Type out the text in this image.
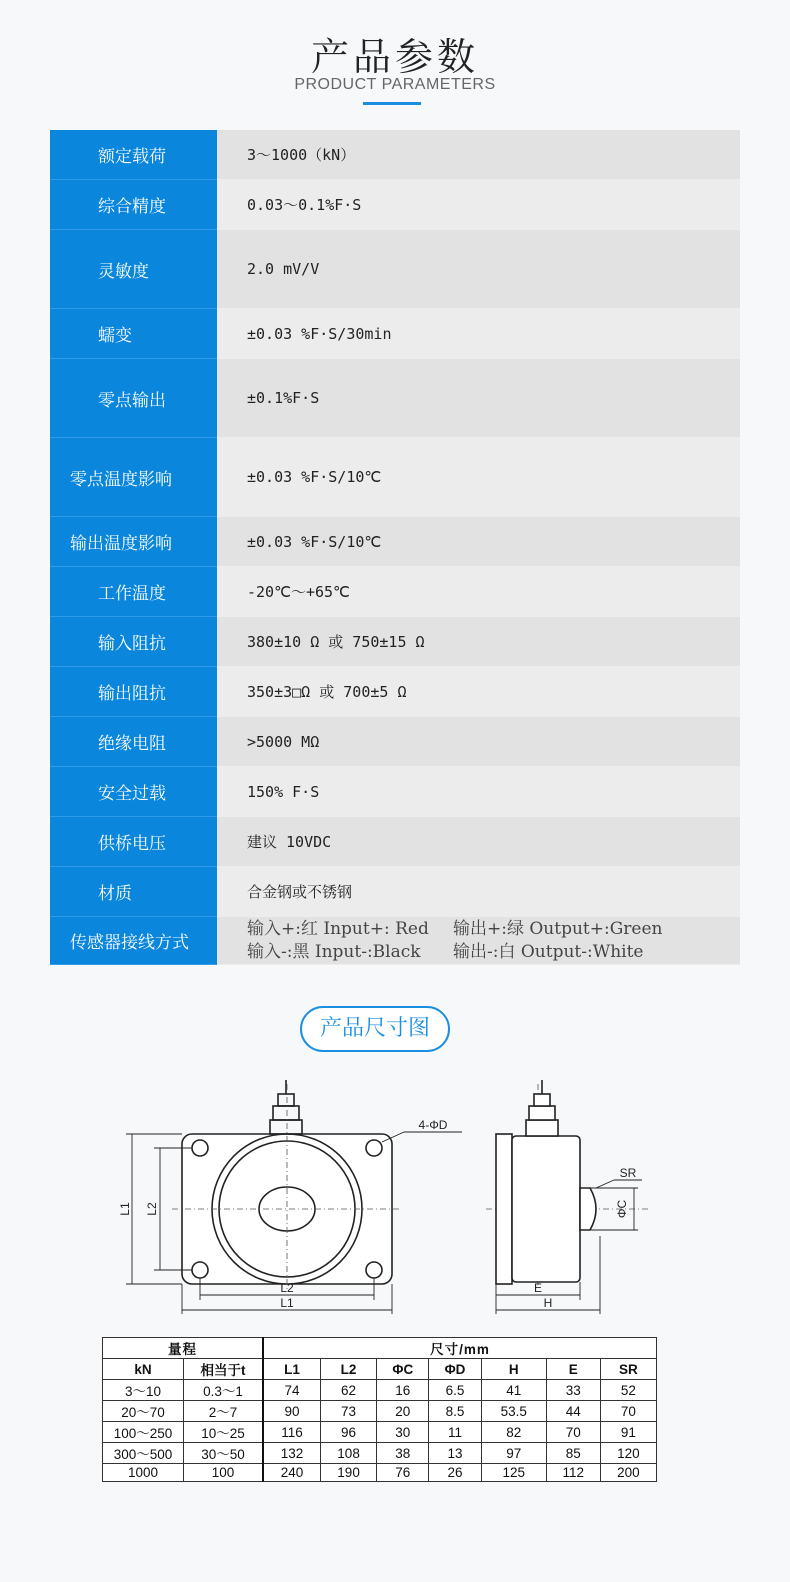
产品参数
PRODUCT PARAMETERS
额定载荷	3～1000（kN）
综合精度	0.03～0.1%F·S
灵敏度	2.0 mV/V
蠕变	±0.03 %F·S/30min
零点输出	±0.1%F·S
零点温度影响	±0.03 %F·S/10℃
输出温度影响	±0.03 %F·S/10℃
工作温度	-20℃～+65℃
输入阻抗	380±10 Ω 或 750±15 Ω
输出阻抗	350±3□Ω 或 700±5 Ω
绝缘电阻	>5000 MΩ
安全过载	150% F·S
供桥电压	建议 10VDC
材质	合金钢或不锈钢
传感器接线方式
输入+:红 Input+: Red	输出+:绿 Output+:Green
输入-:黑 Input-:Black	输出-:白 Output-:White
产品尺寸图
L1 L2
L2
L1
4-ΦD
E
H
SR
ΦC
量程		尺寸/mm						
kN	相当于t	L1	L2	ΦC	ΦD	H	E	SR
3～10	0.3～1	74	62	16	6.5	41	33	52
20～70	2～7	90	73	20	8.5	53.5	44	70
100～250	10～25	116	96	30	11	82	70	91
300～500	30～50	132	108	38	13	97	85	120
1000	100	240	190	76	26	125	112	200
